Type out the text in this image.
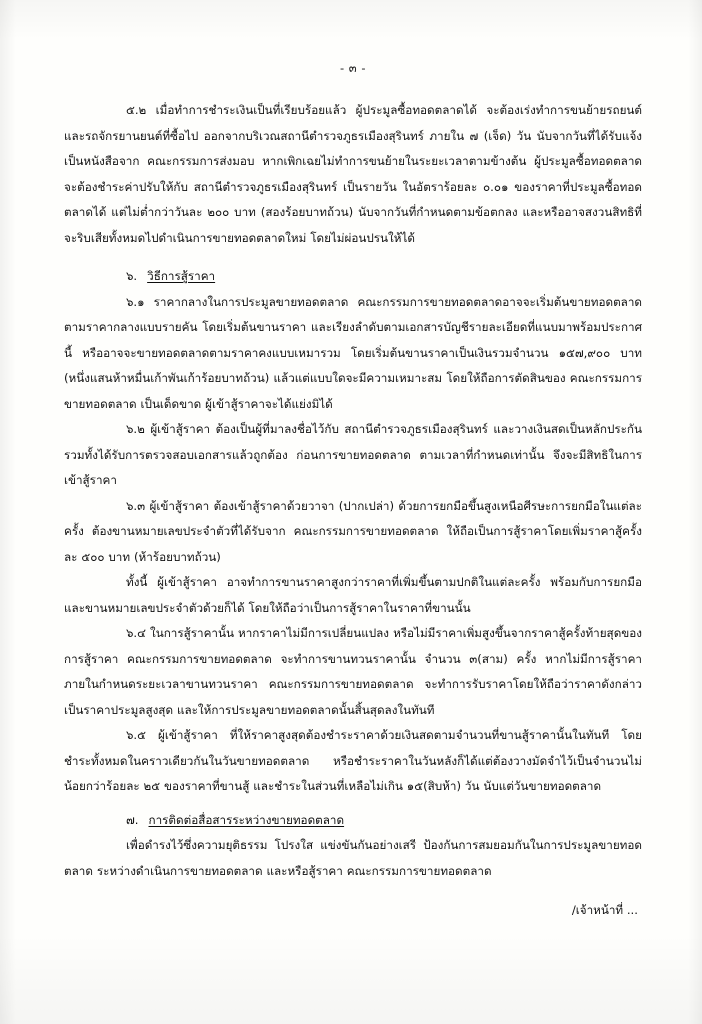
- ๓ -

๕.๒ เมื่อทำการชำระเงินเป็นที่เรียบร้อยแล้ว ผู้ประมูลซื้อทอดตลาดได้ จะต้องเร่งทำการขนย้ายรถยนต์ และรถจักรยานยนต์ที่ซื้อไป ออกจากบริเวณสถานีตำรวจภูธรเมืองสุรินทร์ ภายใน ๗ (เจ็ด) วัน นับจากวันที่ได้รับแจ้งเป็นหนังสือจาก คณะกรรมการส่งมอบ หากเพิกเฉยไม่ทำการขนย้ายในระยะเวลาตามข้างต้น ผู้ประมูลซื้อทอดตลาดจะต้องชำระค่าปรับให้กับ สถานีตำรวจภูธรเมืองสุรินทร์ เป็นรายวัน ในอัตราร้อยละ ๐.๐๑ ของราคาที่ประมูลซื้อทอดตลาดได้ แต่ไม่ต่ำกว่าวันละ ๒๐๐ บาท (สองร้อยบาทถ้วน) นับจากวันที่กำหนดตามข้อตกลง และหรืออาจสงวนสิทธิที่จะริบเสียทั้งหมดไปดำเนินการขายทอดตลาดใหม่ โดยไม่ผ่อนปรนให้ได้

๖. วิธีการสู้ราคา

๖.๑ ราคากลางในการประมูลขายทอดตลาด คณะกรรมการขายทอดตลาดอาจจะเริ่มต้นขายทอดตลาดตามราคากลางแบบรายคัน โดยเริ่มต้นขานราคา และเรียงลำดับตามเอกสารบัญชีรายละเอียดที่แนบมาพร้อมประกาศนี้ หรืออาจจะขายทอดตลาดตามราคาคงแบบเหมารวม โดยเริ่มต้นขานราคาเป็นเงินรวมจำนวน ๑๕๗,๙๐๐ บาท (หนึ่งแสนห้าหมื่นเก้าพันเก้าร้อยบาทถ้วน) แล้วแต่แบบใดจะมีความเหมาะสม โดยให้ถือการตัดสินของ คณะกรรมการขายทอดตลาด เป็นเด็ดขาด ผู้เข้าสู้ราคาจะได้แย่งมิได้

๖.๒ ผู้เข้าสู้ราคา ต้องเป็นผู้ที่มาลงชื่อไว้กับ สถานีตำรวจภูธรเมืองสุรินทร์ และวางเงินสดเป็นหลักประกัน รวมทั้งได้รับการตรวจสอบเอกสารแล้วถูกต้อง ก่อนการขายทอดตลาด ตามเวลาที่กำหนดเท่านั้น จึงจะมีสิทธิในการเข้าสู้ราคา

๖.๓ ผู้เข้าสู้ราคา ต้องเข้าสู้ราคาด้วยวาจา (ปากเปล่า) ด้วยการยกมือขึ้นสูงเหนือศีรษะการยกมือในแต่ละครั้ง ต้องขานหมายเลขประจำตัวที่ได้รับจาก คณะกรรมการขายทอดตลาด ให้ถือเป็นการสู้ราคาโดยเพิ่มราคาสู้ครั้งละ ๕๐๐ บาท (ห้าร้อยบาทถ้วน)

ทั้งนี้ ผู้เข้าสู้ราคา อาจทำการขานราคาสูงกว่าราคาที่เพิ่มขึ้นตามปกติในแต่ละครั้ง พร้อมกับการยกมือ และขานหมายเลขประจำตัวด้วยก็ได้ โดยให้ถือว่าเป็นการสู้ราคาในราคาที่ขานนั้น

๖.๔ ในการสู้ราคานั้น หากราคาไม่มีการเปลี่ยนแปลง หรือไม่มีราคาเพิ่มสูงขึ้นจากราคาสู้ครั้งท้ายสุดของการสู้ราคา คณะกรรมการขายทอดตลาด จะทำการขานทวนราคานั้น จำนวน ๓(สาม) ครั้ง หากไม่มีการสู้ราคาภายในกำหนดระยะเวลาขานทวนราคา คณะกรรมการขายทอดตลาด จะทำการรับราคาโดยให้ถือว่าราคาดังกล่าวเป็นราคาประมูลสูงสุด และให้การประมูลขายทอดตลาดนั้นสิ้นสุดลงในทันที

๖.๕ ผู้เข้าสู้ราคา ที่ให้ราคาสูงสุดต้องชำระราคาด้วยเงินสดตามจำนวนที่ขานสู้ราคานั้นในทันที โดยชำระทั้งหมดในคราวเดียวกันในวันขายทอดตลาด หรือชำระราคาในวันหลังก็ได้แต่ต้องวางมัดจำไว้เป็นจำนวนไม่น้อยกว่าร้อยละ ๒๕ ของราคาที่ขานสู้ และชำระในส่วนที่เหลือไม่เกิน ๑๕(สิบห้า) วัน นับแต่วันขายทอดตลาด

๗. การติดต่อสื่อสารระหว่างขายทอดตลาด

เพื่อดำรงไว้ซึ่งความยุติธรรม โปรงใส แข่งขันกันอย่างเสรี ป้องกันการสมยอมกันในการประมูลขายทอดตลาด ระหว่างดำเนินการขายทอดตลาด และหรือสู้ราคา คณะกรรมการขายทอดตลาด

/เจ้าหน้าที่ ...
